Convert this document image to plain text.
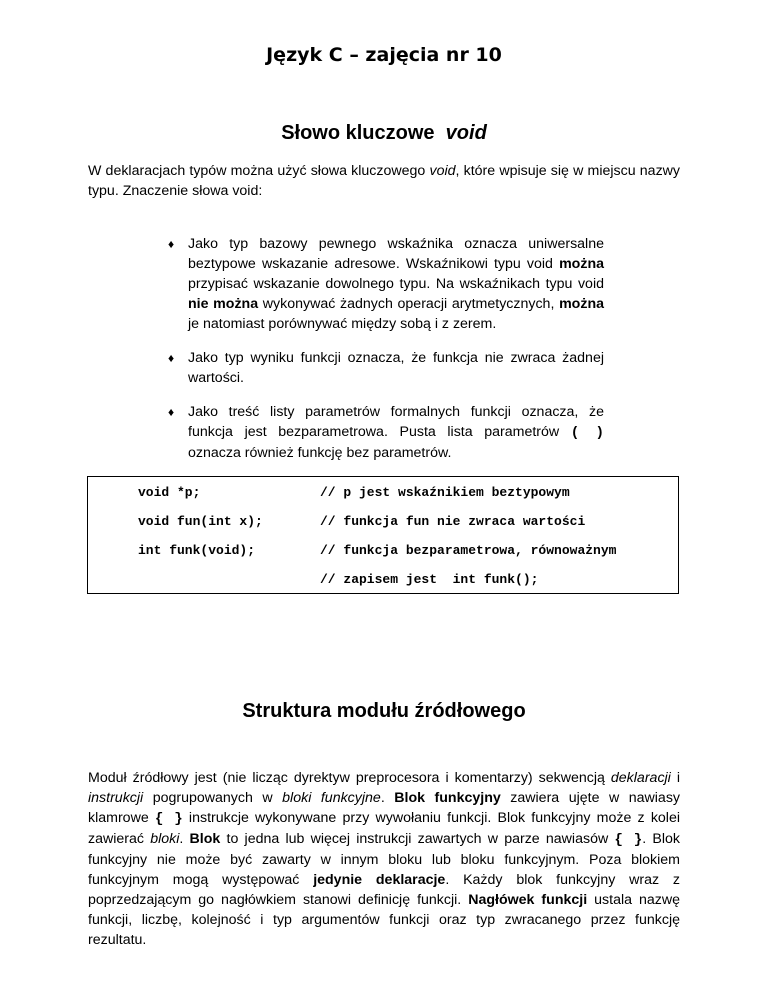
Język C – zajęcia nr 10
Słowo kluczowe void

W deklaracjach typów można użyć słowa kluczowego void, które wpisuje się w miejscu nazwy typu. Znaczenie słowa void:

♦ Jako typ bazowy pewnego wskaźnika oznacza uniwersalne beztypowe wskazanie adresowe. Wskaźnikowi typu void można przypisać wskazanie dowolnego typu. Na wskaźnikach typu void nie można wykonywać żadnych operacji arytmetycznych, można je natomiast porównywać między sobą i z zerem.
♦ Jako typ wyniku funkcji oznacza, że funkcja nie zwraca żadnej wartości.
♦ Jako treść listy parametrów formalnych funkcji oznacza, że funkcja jest bezparametrowa. Pusta lista parametrów ( ) oznacza również funkcję bez parametrów.
void *p;	// p jest wskaźnikiem beztypowym
void fun(int x);	// funkcja fun nie zwraca wartości
int funk(void);	// funkcja bezparametrowa, równoważnym
// zapisem jest  int funk();
Struktura modułu źródłowego

Moduł źródłowy jest (nie licząc dyrektyw preprocesora i komentarzy) sekwencją deklaracji i instrukcji pogrupowanych w bloki funkcyjne. Blok funkcyjny zawiera ujęte w nawiasy klamrowe { } instrukcje wykonywane przy wywołaniu funkcji. Blok funkcyjny może z kolei zawierać bloki. Blok to jedna lub więcej instrukcji zawartych w parze nawiasów { }. Blok funkcyjny nie może być zawarty w innym bloku lub bloku funkcyjnym. Poza blokiem funkcyjnym mogą występować jedynie deklaracje. Każdy blok funkcyjny wraz z poprzedzającym go nagłówkiem stanowi definicję funkcji. Nagłówek funkcji ustala nazwę funkcji, liczbę, kolejność i typ argumentów funkcji oraz typ zwracanego przez funkcję rezultatu.
